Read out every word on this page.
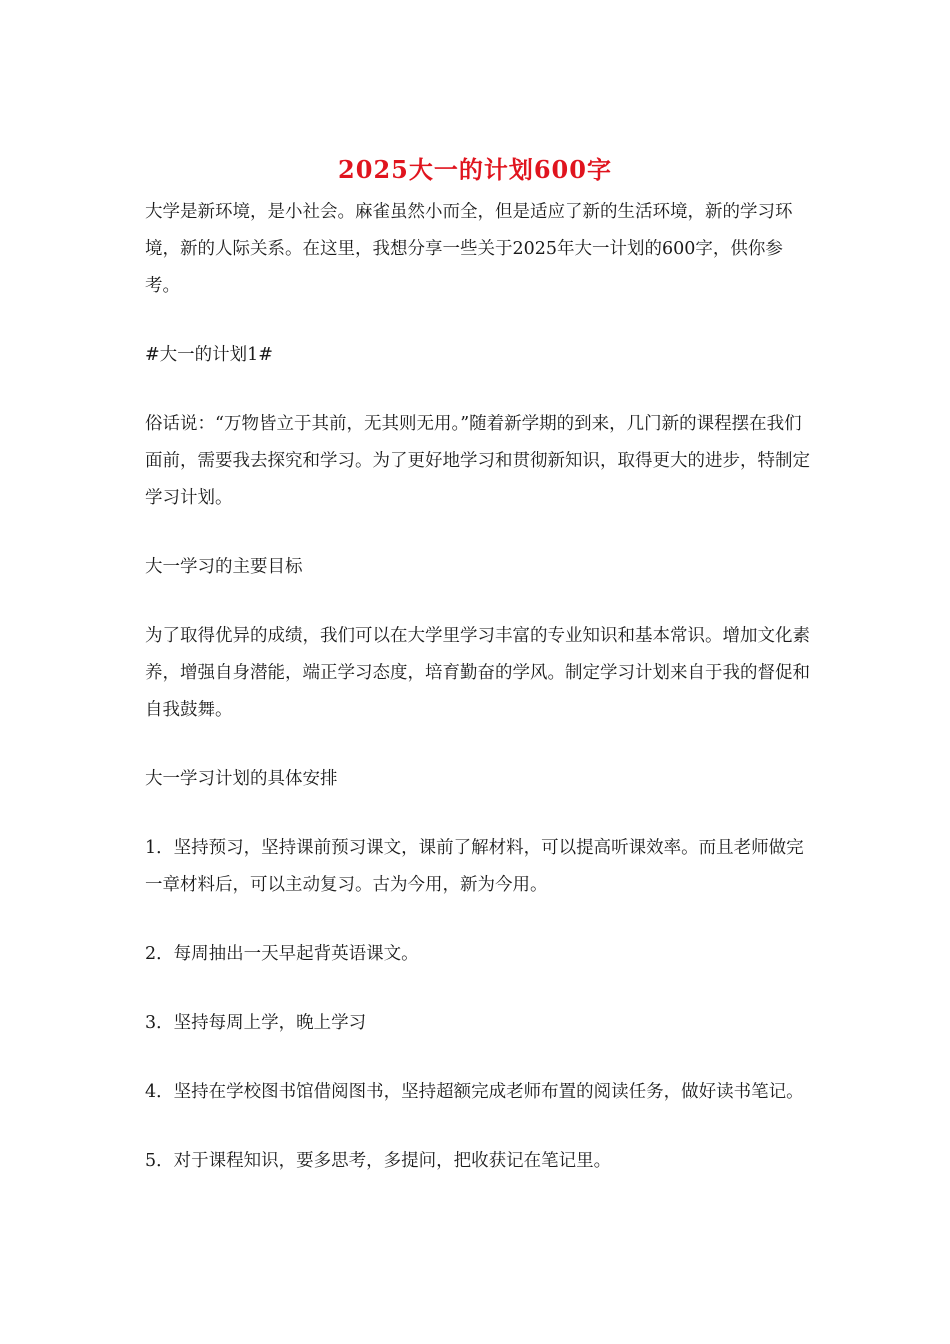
2025大一的计划600字

大学是新环境，是小社会。麻雀虽然小而全，但是适应了新的生活环境，新的学习环境，新的人际关系。在这里，我想分享一些关于2025年大一计划的600字，供你参考。

#大一的计划1#

俗话说：“万物皆立于其前，无其则无用。”随着新学期的到来，几门新的课程摆在我们面前，需要我去探究和学习。为了更好地学习和贯彻新知识，取得更大的进步，特制定学习计划。

大一学习的主要目标

为了取得优异的成绩，我们可以在大学里学习丰富的专业知识和基本常识。增加文化素养，增强自身潜能，端正学习态度，培育勤奋的学风。制定学习计划来自于我的督促和自我鼓舞。

大一学习计划的具体安排

1．坚持预习，坚持课前预习课文，课前了解材料，可以提高听课效率。而且老师做完一章材料后，可以主动复习。古为今用，新为今用。

2．每周抽出一天早起背英语课文。

3．坚持每周上学，晚上学习

4．坚持在学校图书馆借阅图书，坚持超额完成老师布置的阅读任务，做好读书笔记。

5．对于课程知识，要多思考，多提问，把收获记在笔记里。
